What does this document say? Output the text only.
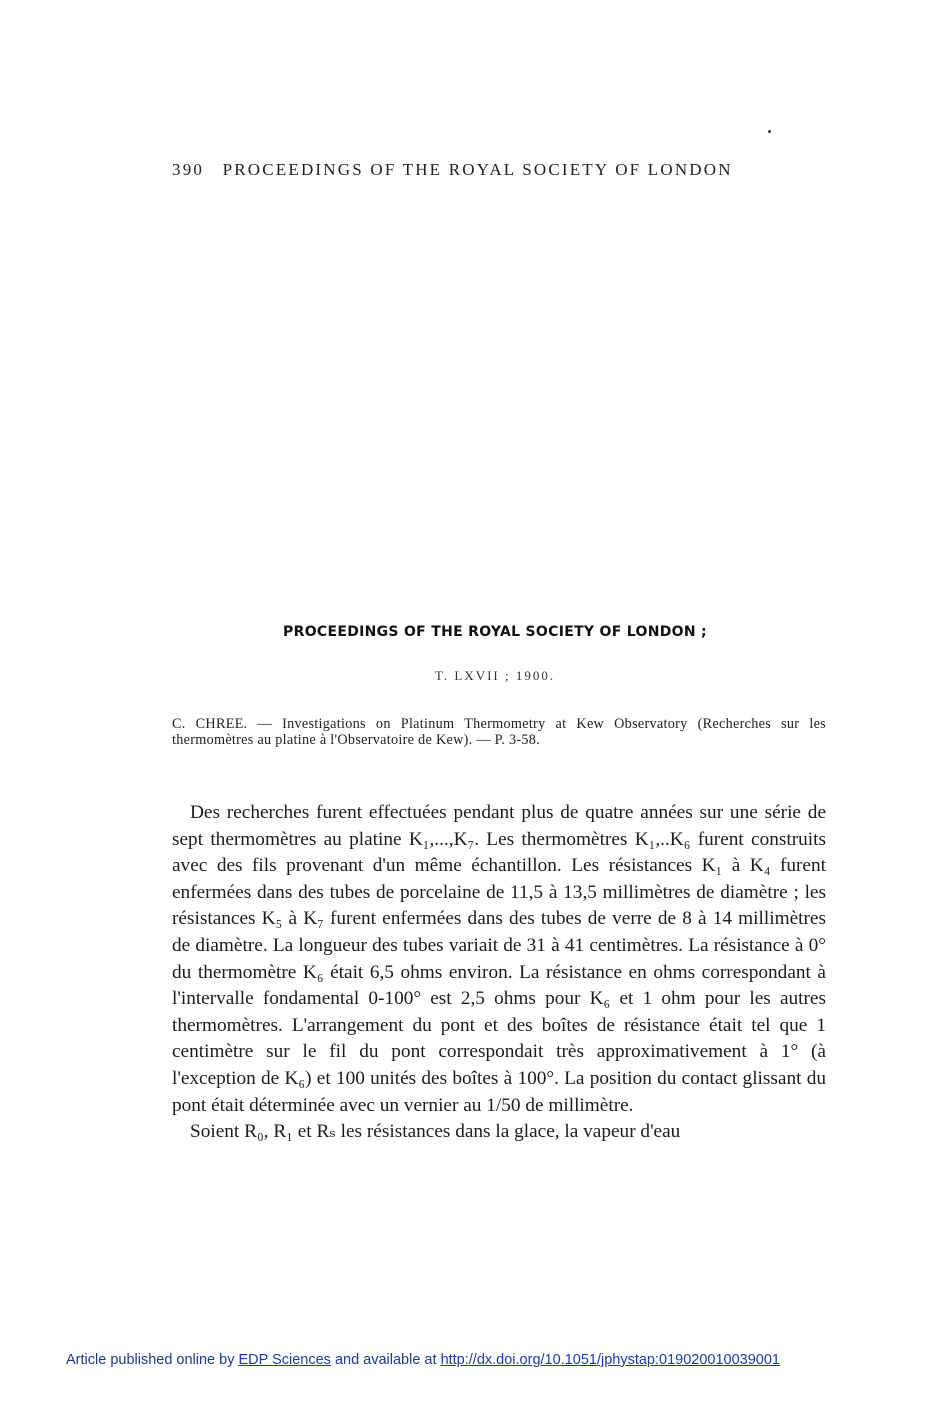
390 PROCEEDINGS OF THE ROYAL SOCIETY OF LONDON
PROCEEDINGS OF THE ROYAL SOCIETY OF LONDON ;
T. LXVII ; 1900.
C. CHREE. — Investigations on Platinum Thermometry at Kew Observatory (Recherches sur les thermomètres au platine à l'Observatoire de Kew). — P. 3-58.

Des recherches furent effectuées pendant plus de quatre années sur une série de sept thermomètres au platine K₁,...,K₇. Les thermomètres K₁,..K₆ furent construits avec des fils provenant d'un même échantillon. Les résistances K₁ à K₄ furent enfermées dans des tubes de porcelaine de 11,5 à 13,5 millimètres de diamètre ; les résistances K₅ à K₇ furent enfermées dans des tubes de verre de 8 à 14 millimètres de diamètre. La longueur des tubes variait de 31 à 41 centimètres. La résistance à 0° du thermomètre K₆ était 6,5 ohms environ. La résistance en ohms correspondant à l'intervalle fondamental 0-100° est 2,5 ohms pour K₆ et 1 ohm pour les autres thermomètres. L'arrangement du pont et des boîtes de résistance était tel que 1 centimètre sur le fil du pont correspondait très approximativement à 1° (à l'exception de K₆) et 100 unités des boîtes à 100°. La position du contact glissant du pont était déterminée avec un vernier au 1/50 de millimètre.

Soient R₀, R₁ et Rₛ les résistances dans la glace, la vapeur d'eau

Article published online by EDP Sciences and available at http://dx.doi.org/10.1051/jphystap:019020010039001
